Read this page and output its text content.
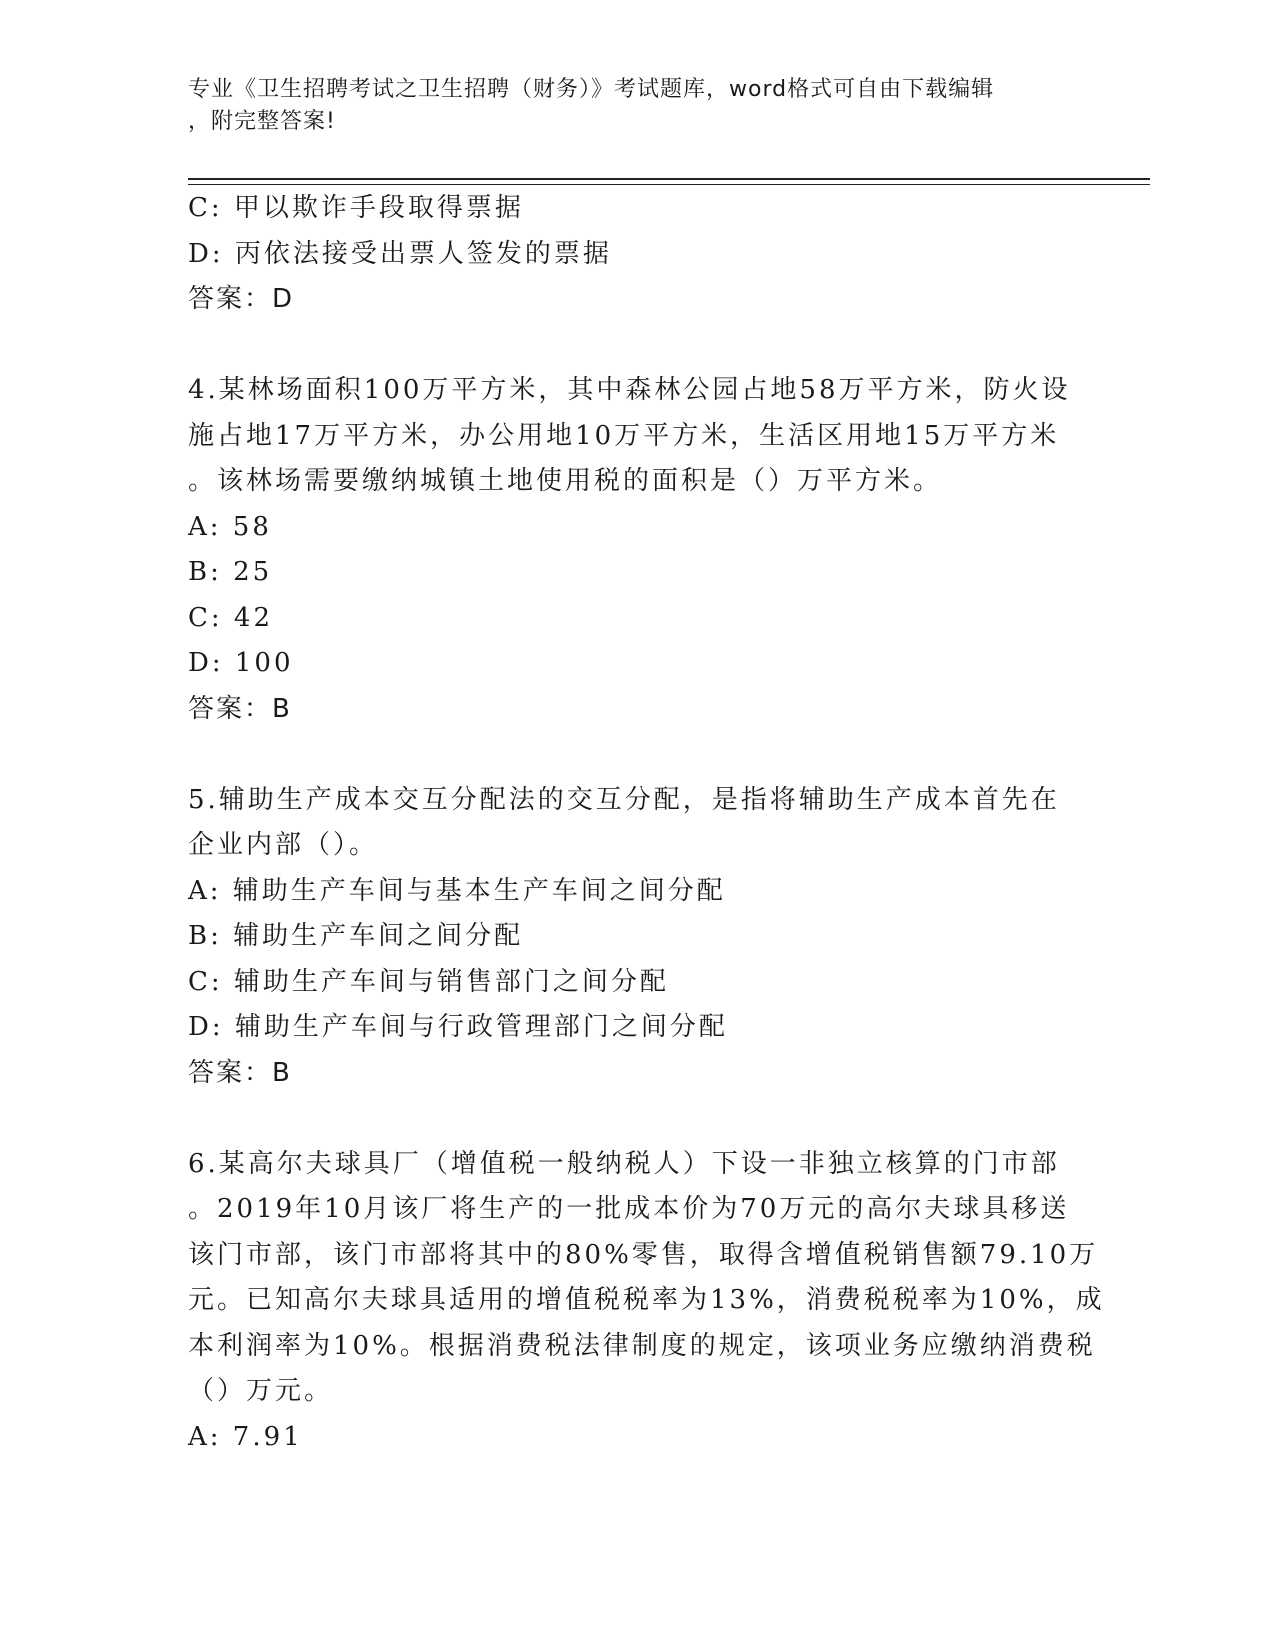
专业《卫生招聘考试之卫生招聘（财务）》考试题库，word格式可自由下载编辑
，附完整答案!
C: 甲以欺诈手段取得票据
D: 丙依法接受出票人签发的票据
答案：D
4.某林场面积100万平方米，其中森林公园占地58万平方米，防火设
施占地17万平方米，办公用地10万平方米，生活区用地15万平方米
。该林场需要缴纳城镇土地使用税的面积是（）万平方米。
A: 58
B: 25
C: 42
D: 100
答案：B
5.辅助生产成本交互分配法的交互分配，是指将辅助生产成本首先在
企业内部（）。
A: 辅助生产车间与基本生产车间之间分配
B: 辅助生产车间之间分配
C: 辅助生产车间与销售部门之间分配
D: 辅助生产车间与行政管理部门之间分配
答案：B
6.某高尔夫球具厂（增值税一般纳税人）下设一非独立核算的门市部
。2019年10月该厂将生产的一批成本价为70万元的高尔夫球具移送
该门市部，该门市部将其中的80%零售，取得含增值税销售额79.10万
元。已知高尔夫球具适用的增值税税率为13%，消费税税率为10%，成
本利润率为10%。根据消费税法律制度的规定，该项业务应缴纳消费税
（）万元。
A: 7.91
